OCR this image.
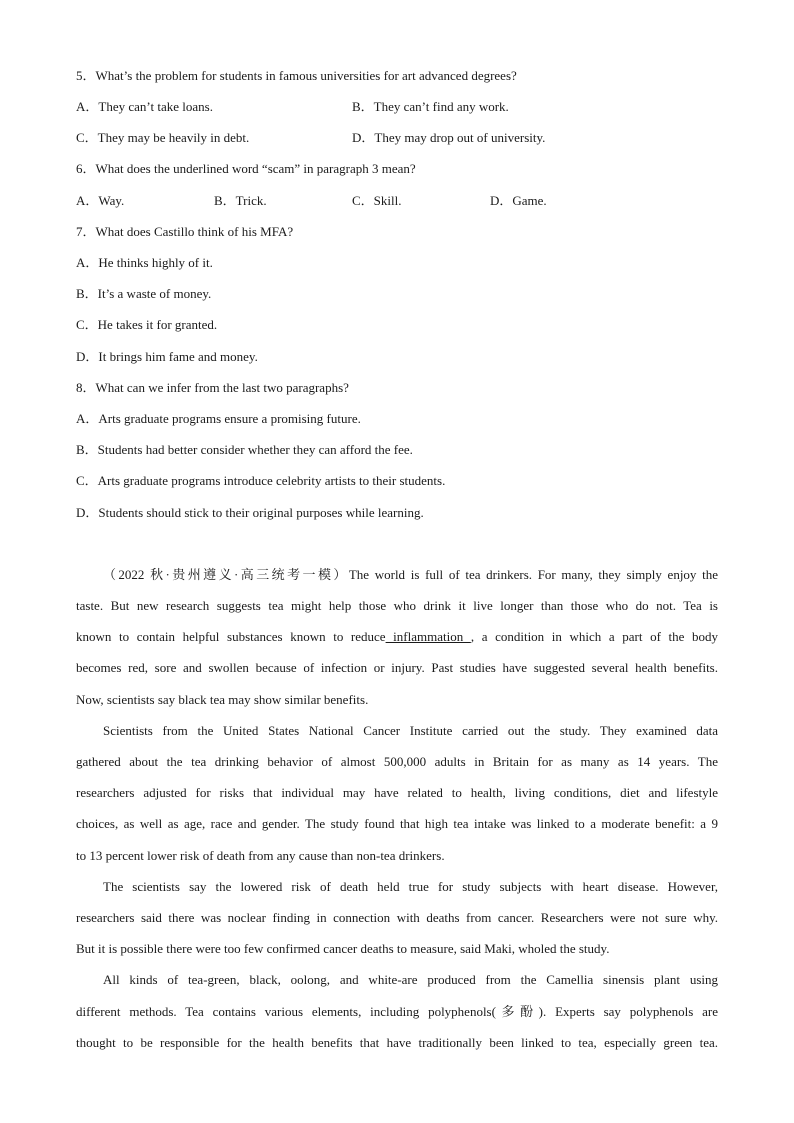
5．What’s the problem for students in famous universities for art advanced degrees?
A．They can’t take loans.	B．They can’t find any work.
C．They may be heavily in debt.	D．They may drop out of university.
6．What does the underlined word “scam” in paragraph 3 mean?
A．Way.	B．Trick.	C．Skill.	D．Game.
7．What does Castillo think of his MFA?
A．He thinks highly of it.
B．It’s a waste of money.
C．He takes it for granted.
D．It brings him fame and money.
8．What can we infer from the last two paragraphs?
A．Arts graduate programs ensure a promising future.
B．Students had better consider whether they can afford the fee.
C．Arts graduate programs introduce celebrity artists to their students.
D．Students should stick to their original purposes while learning.
（2022 秋·贵州遵义·高三统考一模）The world is full of tea drinkers. For many, they simply enjoy the
taste. But new research suggests tea might help those who drink it live longer than those who do not. Tea is
known to contain helpful substances known to reduce inflammation , a condition in which a part of the body
becomes red, sore and swollen because of infection or injury. Past studies have suggested several health benefits.
Now, scientists say black tea may show similar benefits.
Scientists from the United States National Cancer Institute carried out the study. They examined data
gathered about the tea drinking behavior of almost 500,000 adults in Britain for as many as 14 years. The
researchers adjusted for risks that individual may have related to health, living conditions, diet and lifestyle
choices, as well as age, race and gender. The study found that high tea intake was linked to a moderate benefit: a 9
to 13 percent lower risk of death from any cause than non-tea drinkers.
The scientists say the lowered risk of death held true for study subjects with heart disease. However,
researchers said there was noclear finding in connection with deaths from cancer. Researchers were not sure why.
But it is possible there were too few confirmed cancer deaths to measure, said Maki, wholed the study.
All kinds of tea-green, black, oolong, and white-are produced from the Camellia sinensis plant using
different methods. Tea contains various elements, including polyphenols(多酚). Experts say polyphenols are
thought to be responsible for the health benefits that have traditionally been linked to tea, especially green tea.
